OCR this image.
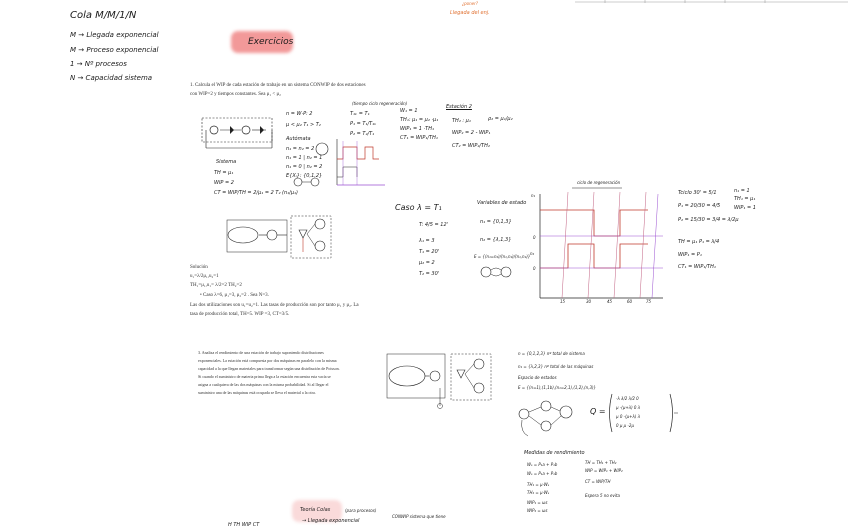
Cola M/M/1/N
M → Llegada exponencial
M → Proceso exponencial
1 → Nº procesos
N → Capacidad sistema
¿poner?
Llegada del enj.
Exercicios
1. Calcula el WIP de cada estación de trabajo en un sistema CONWIP de dos estaciones
con WIP=2 y tiempos constantes. Sea μ₁ < μ₂
Sistema
TH = μ₁
WIP = 2
CT = WIP/TH = 2/μ₁ = 2 T₂ (n₁/μ₁)
n = W·P: 2
μ < μ₂ T₁ > T₂
Autómata
n₁ = n₂ = 2
n₁ = 1 | n₂ = 1
n₁ = 0 | n₂ = 2
E{Xᵢ}: {0,1,2}
(tiempo ciclo regeneración)
T₁ₖ = T₁
P₁ = T₁/T₁ₖ
P₂ = T₂/T₁
W₁ = 1
TH₁: μ₁ = μ₂ ·μ₁
WIP₁ = 1 ·TH₁
CT₁ = WIP₁/TH₁
Estación 2
TH₂ : μ₁
WIP₂ = 2 - WIP₁
CT₂ = WIP₂/TH₂
ρ₂ = μ₁/μ₂
Solución
u₁=λ/2μ₁,u₂=1
TH₁=μ₁,u₁= λ/2=2 TH₂=2
• Caso λ=6, μ₁=3, μ₂=2 . Sea N=3.
Las dos utilizaciones son u₁=u₂=1. Las tasas de producción son por tanto μ₁ y μ₂. La
tasa de producción total, TH=5. WIP =3, CT=3/5.
Caso λ = T₁
T: 4/5 = 12'
λ₁ = 3
T₁ = 20'
μ₂ = 2
T₂ = 30'
Variables de estado
n₁ = {0,1,3}
n₂ = {λ,1,3}
E = {(n₁=n₂)/(n₁,n₂)/(n₁,n₂)}
ciclo de regeneración
n₁
0
n₂
0
15	30	45	60	75
Tciclo 30' = 5/1
P₁ = 20/30 = 4/5
P₂ = 15/30 = 3/4 = λ/2μ
TH = μ₁ P₁ = λ/4
WIP₁ = P₁
CT₁ = WIP₁/TH₁
n₁ = 1
TH₁ = μ₁
WIP₁ = 1
3. Analiza el rendimiento de una estación de trabajo suponiendo distribuciones
exponenciales. La estación está compuesta por dos máquinas en paralelo con la misma
capacidad a la que llegan materiales para transformar según una distribución de Poisson.
Si cuando el suministro de materia prima llega a la estación encuentra esta vacía se
asigna a cualquiera de las dos máquinas con la misma probabilidad. Si al llegar el
suministro una de las máquinas está ocupada se lleva el material a la otra.
n = {0,1,2,3} nº total de sistema
n₁ = {λ,2,3} nº total de las máquinas
Espacio de estados
E = {(n=1),(1,1b),(n₁=2,1),(1,2),(n,3)}
Q =
-λ λ/2 λ/2 0
μ -(μ+λ) 0 λ
μ 0 -(μ+λ) λ
0 μ μ -2μ
Medidas de rendimiento
Wₛ = P₁a + P₁b
Wₛ = P₁a + P₁b
TH₁ = μ·Wₛ
TH₂ = μ·Wₛ
WIP₁ = ωs
WIP₂ = ωs
TH = TH₁ + TH₂
WIP = WIP₁ + WIP₂
CT = WIP/TH
Espera 5 no evita
H TH WIP CT
Teoría Colas	(para procesos)
→ Llegada exponencial
CONWIP sistema que tiene
